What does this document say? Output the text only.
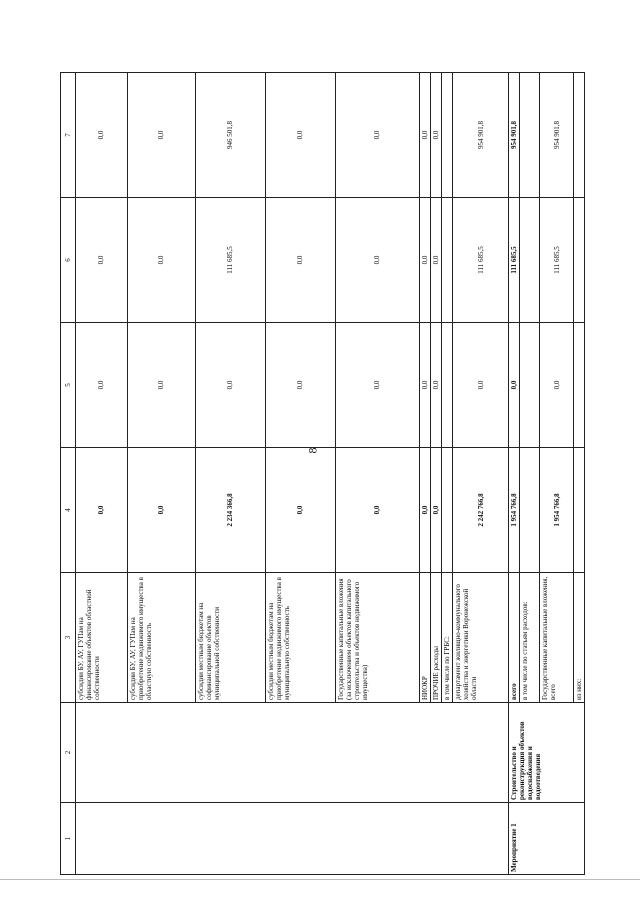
8
1	2	3	4	5	6	7
		субсидии БУ, АУ, ГУПам на финансирование объектов областной собственности	0,0	0,0	0,0	0,0
		субсидии БУ, АУ, ГУПам на приобретение недвижимого имущества в областную собственность	0,0	0,0	0,0	0,0
		субсидии местным бюджетам на софинансирование объектов муниципальной собственности	2 234 366,8	0,0	111 685,5	946 501,8
		субсидии местным бюджетам на приобретение недвижимого имущества в муниципальную собственность	0,0	0,0	0,0	0,0
		Государственные капитальные вложения (за исключением объектов капитального строительства и объектов недвижимого имущества)	0,0	0,0	0,0	0,0
		НИОКР	0,0	0,0	0,0	0,0
		ПРОЧИЕ расходы	0,0	0,0	0,0	0,0
		в том числе по ГРБС:				
		департамент жилищно-коммунального хозяйства и энергетики Воронежской области	2 242 766,8	0,0	111 685,5	954 901,8
Мероприятие 1	Строительство и реконструкция объектов водоснабжения и водоотведения	всего	1 954 766,8	0,0	111 685,5	954 901,8
		в том числе по статьям расходов:				
		Государственные капитальные вложения, всего	1 954 766,8	0,0	111 685,5	954 901,8
		из них:				
